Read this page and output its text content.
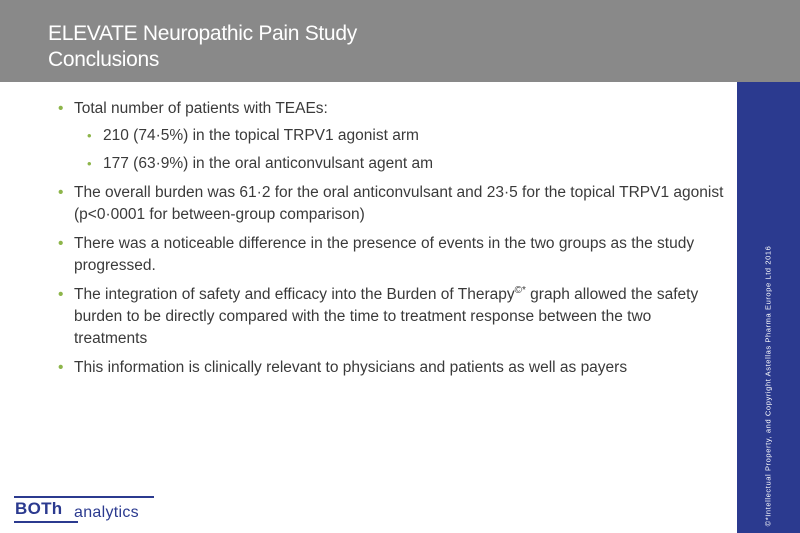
ELEVATE Neuropathic Pain Study
Conclusions
©*Intellectual Property, and Copyright Astellas Pharma Europe Ltd 2016
• Total number of patients with TEAEs:
• 210 (74·5%) in the topical TRPV1 agonist arm
• 177 (63·9%) in the oral anticonvulsant agent am
• The overall burden was 61·2 for the oral anticonvulsant and 23·5 for the topical TRPV1 agonist (p<0·0001 for between-group comparison)
• There was a noticeable difference in the presence of events in the two groups as the study progressed.
• The integration of safety and efficacy into the Burden of Therapy©* graph allowed the safety burden to be directly compared with the time to treatment response between the two treatments
• This information is clinically relevant to physicians and patients as well as payers
BOTh analytics
